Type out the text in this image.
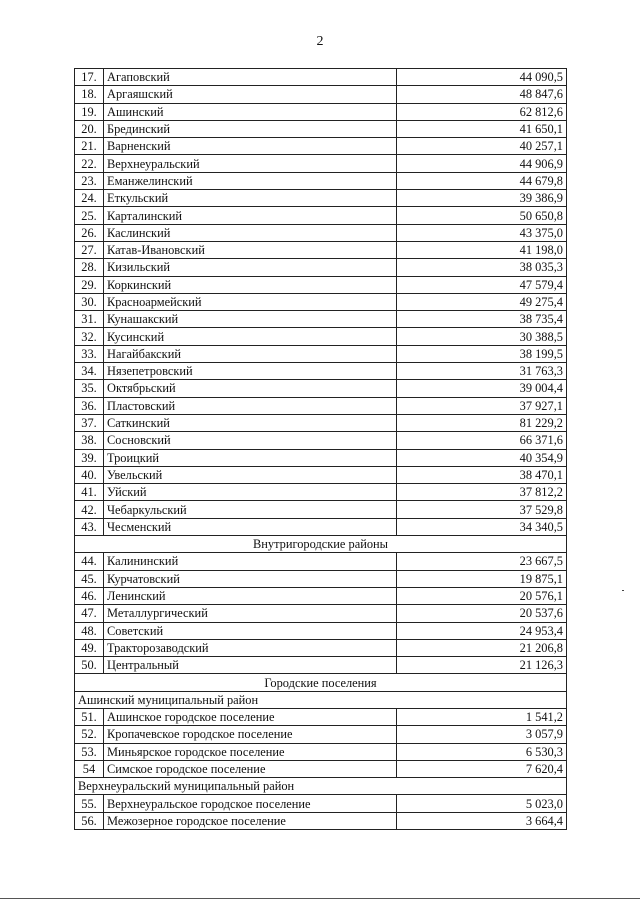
2
17.	Агаповский	44 090,5
18.	Аргаяшский	48 847,6
19.	Ашинский	62 812,6
20.	Брединский	41 650,1
21.	Варненский	40 257,1
22.	Верхнеуральский	44 906,9
23.	Еманжелинский	44 679,8
24.	Еткульский	39 386,9
25.	Карталинский	50 650,8
26.	Каслинский	43 375,0
27.	Катав-Ивановский	41 198,0
28.	Кизильский	38 035,3
29.	Коркинский	47 579,4
30.	Красноармейский	49 275,4
31.	Кунашакский	38 735,4
32.	Кусинский	30 388,5
33.	Нагайбакский	38 199,5
34.	Нязепетровский	31 763,3
35.	Октябрьский	39 004,4
36.	Пластовский	37 927,1
37.	Саткинский	81 229,2
38.	Сосновский	66 371,6
39.	Троицкий	40 354,9
40.	Увельский	38 470,1
41.	Уйский	37 812,2
42.	Чебаркульский	37 529,8
43.	Чесменский	34 340,5
Внутригородские районы		
44.	Калининский	23 667,5
45.	Курчатовский	19 875,1
46.	Ленинский	20 576,1
47.	Металлургический	20 537,6
48.	Советский	24 953,4
49.	Тракторозаводский	21 206,8
50.	Центральный	21 126,3
Городские поселения		
Ашинский муниципальный район		
51.	Ашинское городское поселение	1 541,2
52.	Кропачевское городское поселение	3 057,9
53.	Миньярское городское поселение	6 530,3
54	Симское городское поселение	7 620,4
Верхнеуральский муниципальный район		
55.	Верхнеуральское городское поселение	5 023,0
56.	Межозерное городское поселение	3 664,4
